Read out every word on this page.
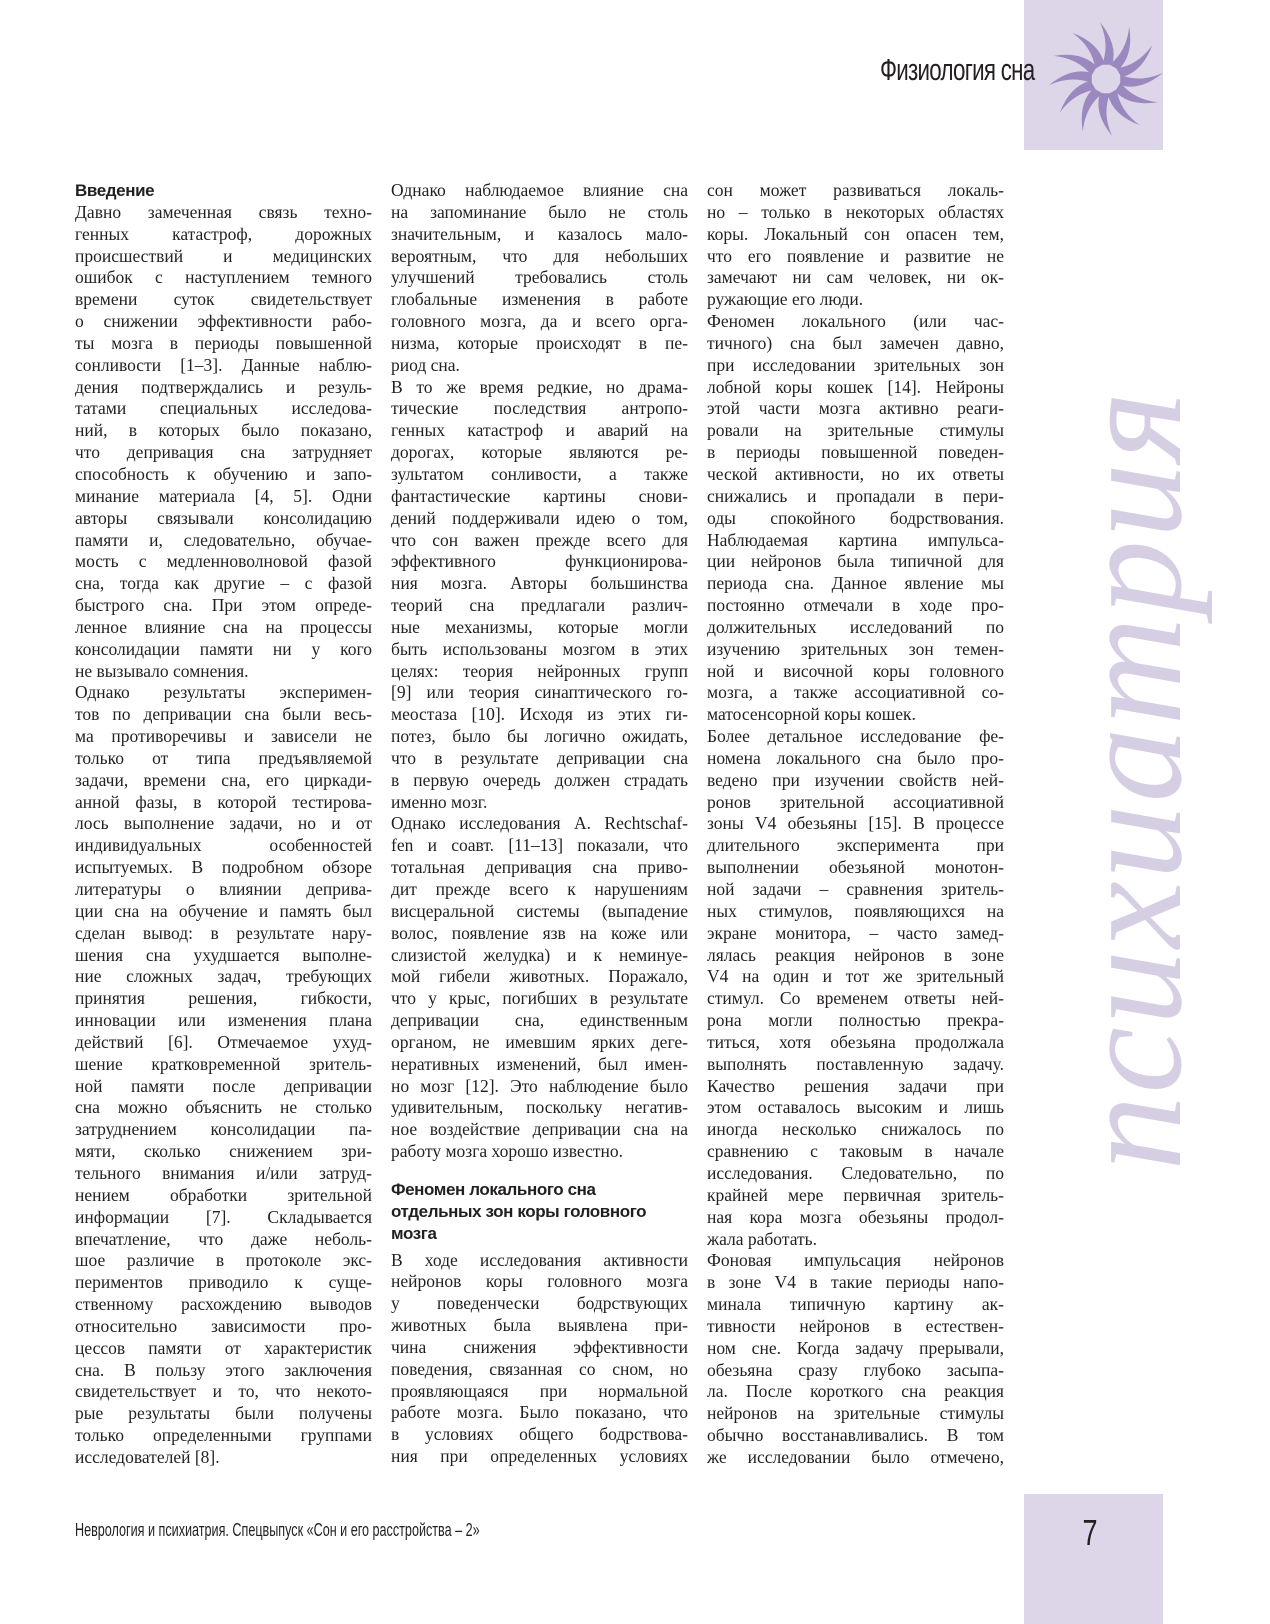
Физиология сна
психиатрия
Введение
Давно замеченная связь техно-
генных катастроф, дорожных
происшествий и медицинских
ошибок с наступлением темного
времени суток свидетельствует
о снижении эффективности рабо-
ты мозга в периоды повышенной
сонливости [1–3]. Данные наблю-
дения подтверждались и резуль-
татами специальных исследова-
ний, в которых было показано,
что депривация сна затрудняет
способность к обучению и запо-
минание материала [4, 5]. Одни
авторы связывали консолидацию
памяти и, следовательно, обучае-
мость с медленноволновой фазой
сна, тогда как другие – с фазой
быстрого сна. При этом опреде-
ленное влияние сна на процессы
консолидации памяти ни у кого
не вызывало сомнения.
Однако результаты эксперимен-
тов по депривации сна были весь-
ма противоречивы и зависели не
только от типа предъявляемой
задачи, времени сна, его циркади-
анной фазы, в которой тестирова-
лось выполнение задачи, но и от
индивидуальных особенностей
испытуемых. В подробном обзоре
литературы о влиянии деприва-
ции сна на обучение и память был
сделан вывод: в результате нару-
шения сна ухудшается выполне-
ние сложных задач, требующих
принятия решения, гибкости,
инновации или изменения плана
действий [6]. Отмечаемое ухуд-
шение кратковременной зритель-
ной памяти после депривации
сна можно объяснить не столько
затруднением консолидации па-
мяти, сколько снижением зри-
тельного внимания и/или затруд-
нением обработки зрительной
информации [7]. Складывается
впечатление, что даже неболь-
шое различие в протоколе экс-
периментов приводило к суще-
ственному расхождению выводов
относительно зависимости про-
цессов памяти от характеристик
сна. В пользу этого заключения
свидетельствует и то, что некото-
рые результаты были получены
только определенными группами
исследователей [8].
Однако наблюдаемое влияние сна
на запоминание было не столь
значительным, и казалось мало-
вероятным, что для небольших
улучшений требовались столь
глобальные изменения в работе
головного мозга, да и всего орга-
низма, которые происходят в пе-
риод сна.
В то же время редкие, но драма-
тические последствия антропо-
генных катастроф и аварий на
дорогах, которые являются ре-
зультатом сонливости, а также
фантастические картины снови-
дений поддерживали идею о том,
что сон важен прежде всего для
эффективного функционирова-
ния мозга. Авторы большинства
теорий сна предлагали различ-
ные механизмы, которые могли
быть использованы мозгом в этих
целях: теория нейронных групп
[9] или теория синаптического го-
меостаза [10]. Исходя из этих ги-
потез, было бы логично ожидать,
что в результате депривации сна
в первую очередь должен страдать
именно мозг.
Однако исследования A. Rechtschaf-
fen и соавт. [11–13] показали, что
тотальная депривация сна приво-
дит прежде всего к нарушениям
висцеральной системы (выпадение
волос, появление язв на коже или
слизистой желудка) и к неминуе-
мой гибели животных. Поражало,
что у крыс, погибших в результате
депривации сна, единственным
органом, не имевшим ярких деге-
неративных изменений, был имен-
но мозг [12]. Это наблюдение было
удивительным, поскольку негатив-
ное воздействие депривации сна на
работу мозга хорошо известно.
Феномен локального сна
отдельных зон коры головного
мозга
В ходе исследования активности
нейронов коры головного мозга
у поведенчески бодрствующих
животных была выявлена при-
чина снижения эффективности
поведения, связанная со сном, но
проявляющаяся при нормальной
работе мозга. Было показано, что
в условиях общего бодрствова-
ния при определенных условиях
сон может развиваться локаль-
но – только в некоторых областях
коры. Локальный сон опасен тем,
что его появление и развитие не
замечают ни сам человек, ни ок-
ружающие его люди.
Феномен локального (или час-
тичного) сна был замечен давно,
при исследовании зрительных зон
лобной коры кошек [14]. Нейроны
этой части мозга активно реаги-
ровали на зрительные стимулы
в периоды повышенной поведен-
ческой активности, но их ответы
снижались и пропадали в пери-
оды спокойного бодрствования.
Наблюдаемая картина импульса-
ции нейронов была типичной для
периода сна. Данное явление мы
постоянно отмечали в ходе про-
должительных исследований по
изучению зрительных зон темен-
ной и височной коры головного
мозга, а также ассоциативной со-
матосенсорной коры кошек.
Более детальное исследование фе-
номена локального сна было про-
ведено при изучении свойств ней-
ронов зрительной ассоциативной
зоны V4 обезьяны [15]. В процессе
длительного эксперимента при
выполнении обезьяной монотон-
ной задачи – сравнения зритель-
ных стимулов, появляющихся на
экране монитора, – часто замед-
лялась реакция нейронов в зоне
V4 на один и тот же зрительный
стимул. Со временем ответы ней-
рона могли полностью прекра-
титься, хотя обезьяна продолжала
выполнять поставленную задачу.
Качество решения задачи при
этом оставалось высоким и лишь
иногда несколько снижалось по
сравнению с таковым в начале
исследования. Следовательно, по
крайней мере первичная зритель-
ная кора мозга обезьяны продол-
жала работать.
Фоновая импульсация нейронов
в зоне V4 в такие периоды напо-
минала типичную картину ак-
тивности нейронов в естествен-
ном сне. Когда задачу прерывали,
обезьяна сразу глубоко засыпа-
ла. После короткого сна реакция
нейронов на зрительные стимулы
обычно восстанавливались. В том
же исследовании было отмечено,
Неврология и психиатрия. Спецвыпуск «Сон и его расстройства – 2»	7
